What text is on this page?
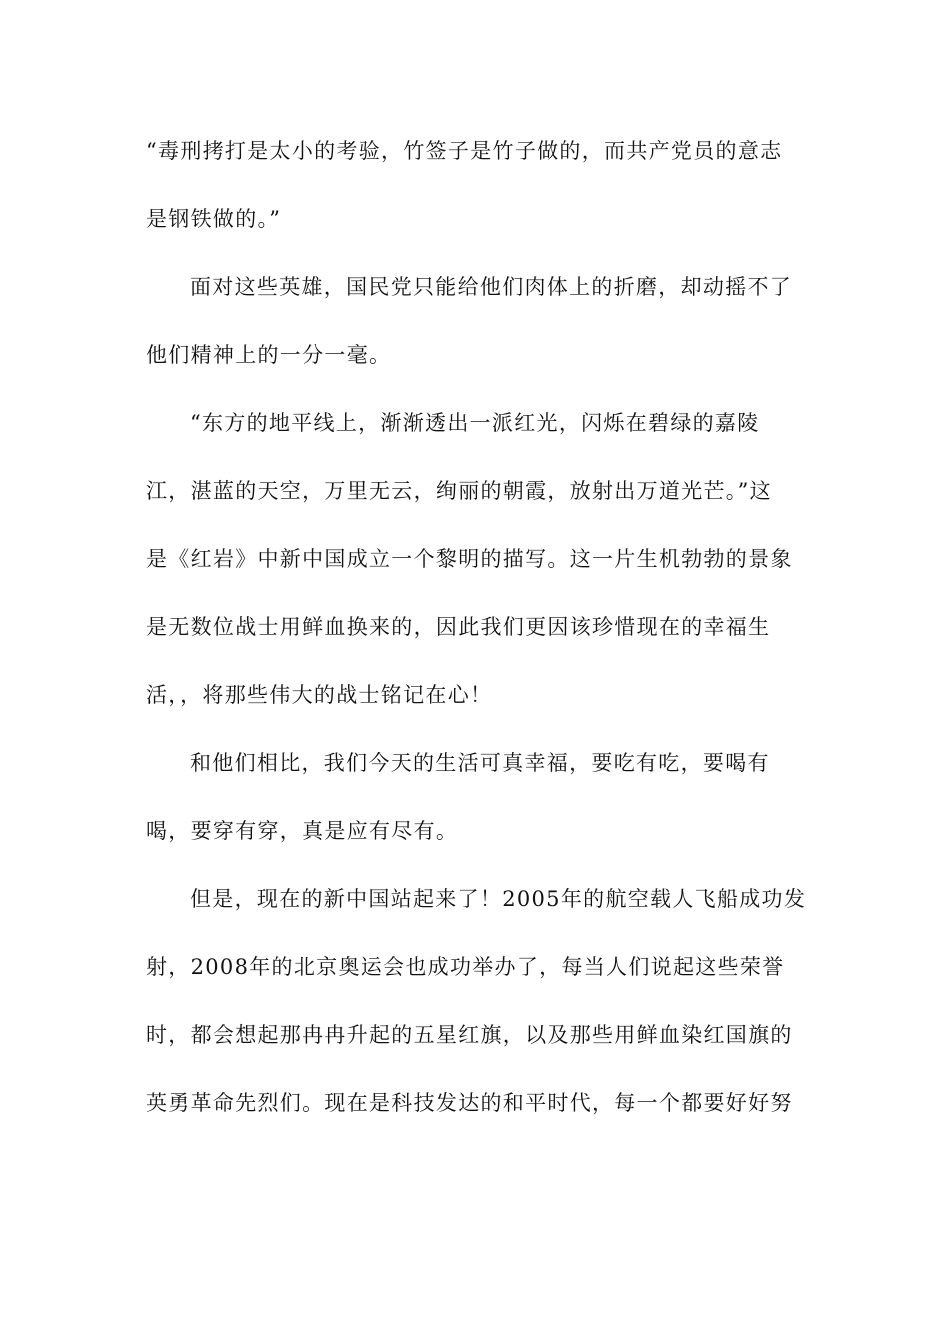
“毒刑拷打是太小的考验，竹签子是竹子做的，而共产党员的意志
是钢铁做的。”
面对这些英雄，国民党只能给他们肉体上的折磨，却动摇不了
他们精神上的一分一毫。
“东方的地平线上，渐渐透出一派红光，闪烁在碧绿的嘉陵
江，湛蓝的天空，万里无云，绚丽的朝霞，放射出万道光芒。”这
是《红岩》中新中国成立一个黎明的描写。这一片生机勃勃的景象
是无数位战士用鲜血换来的，因此我们更因该珍惜现在的幸福生
活，，将那些伟大的战士铭记在心！
和他们相比，我们今天的生活可真幸福，要吃有吃，要喝有
喝，要穿有穿，真是应有尽有。
但是，现在的新中国站起来了！2005年的航空载人飞船成功发
射，2008年的北京奥运会也成功举办了，每当人们说起这些荣誉
时，都会想起那冉冉升起的五星红旗，以及那些用鲜血染红国旗的
英勇革命先烈们。现在是科技发达的和平时代，每一个都要好好努
